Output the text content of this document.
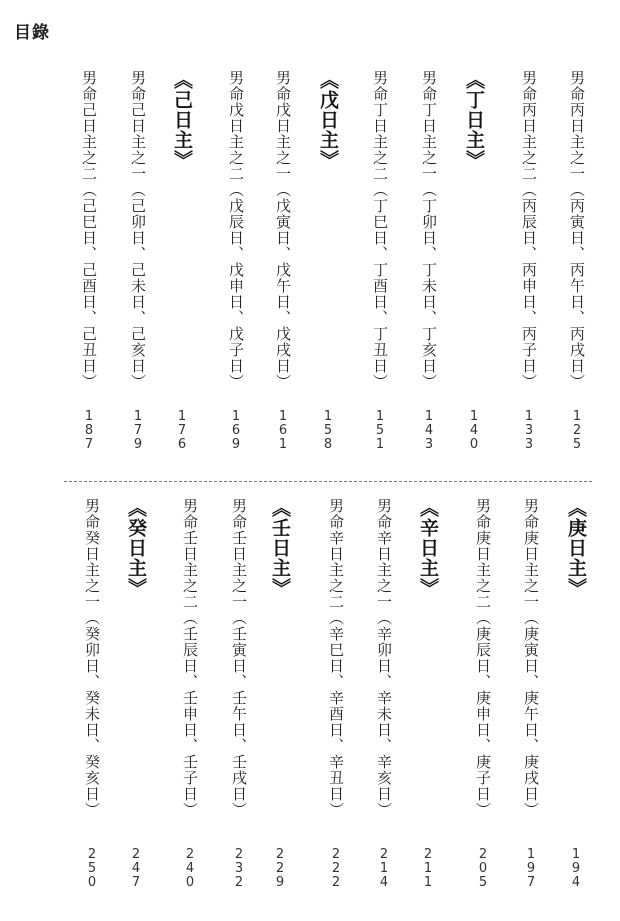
目錄
男命丙日主之一（丙寅日、丙午日、丙戌日）
1
2
5
男命丙日主之二（丙辰日、丙申日、丙子日）
1
3
3
《丁日主》
1
4
0
男命丁日主之一（丁卯日、丁未日、丁亥日）
1
4
3
男命丁日主之二（丁巳日、丁酉日、丁丑日）
1
5
1
《戊日主》
1
5
8
男命戊日主之一（戊寅日、戊午日、戊戌日）
1
6
1
男命戊日主之二（戊辰日、戊申日、戊子日）
1
6
9
《己日主》
1
7
6
男命己日主之一（己卯日、己未日、己亥日）
1
7
9
男命己日主之二（己巳日、己酉日、己丑日）
1
8
7
《庚日主》
1
9
4
男命庚日主之一（庚寅日、庚午日、庚戌日）
1
9
7
男命庚日主之二（庚辰日、庚申日、庚子日）
2
0
5
《辛日主》
2
1
1
男命辛日主之一（辛卯日、辛未日、辛亥日）
2
1
4
男命辛日主之二（辛巳日、辛酉日、辛丑日）
2
2
2
《壬日主》
2
2
9
男命壬日主之一（壬寅日、壬午日、壬戌日）
2
3
2
男命壬日主之二（壬辰日、壬申日、壬子日）
2
4
0
《癸日主》
2
4
7
男命癸日主之一（癸卯日、癸未日、癸亥日）
2
5
0
